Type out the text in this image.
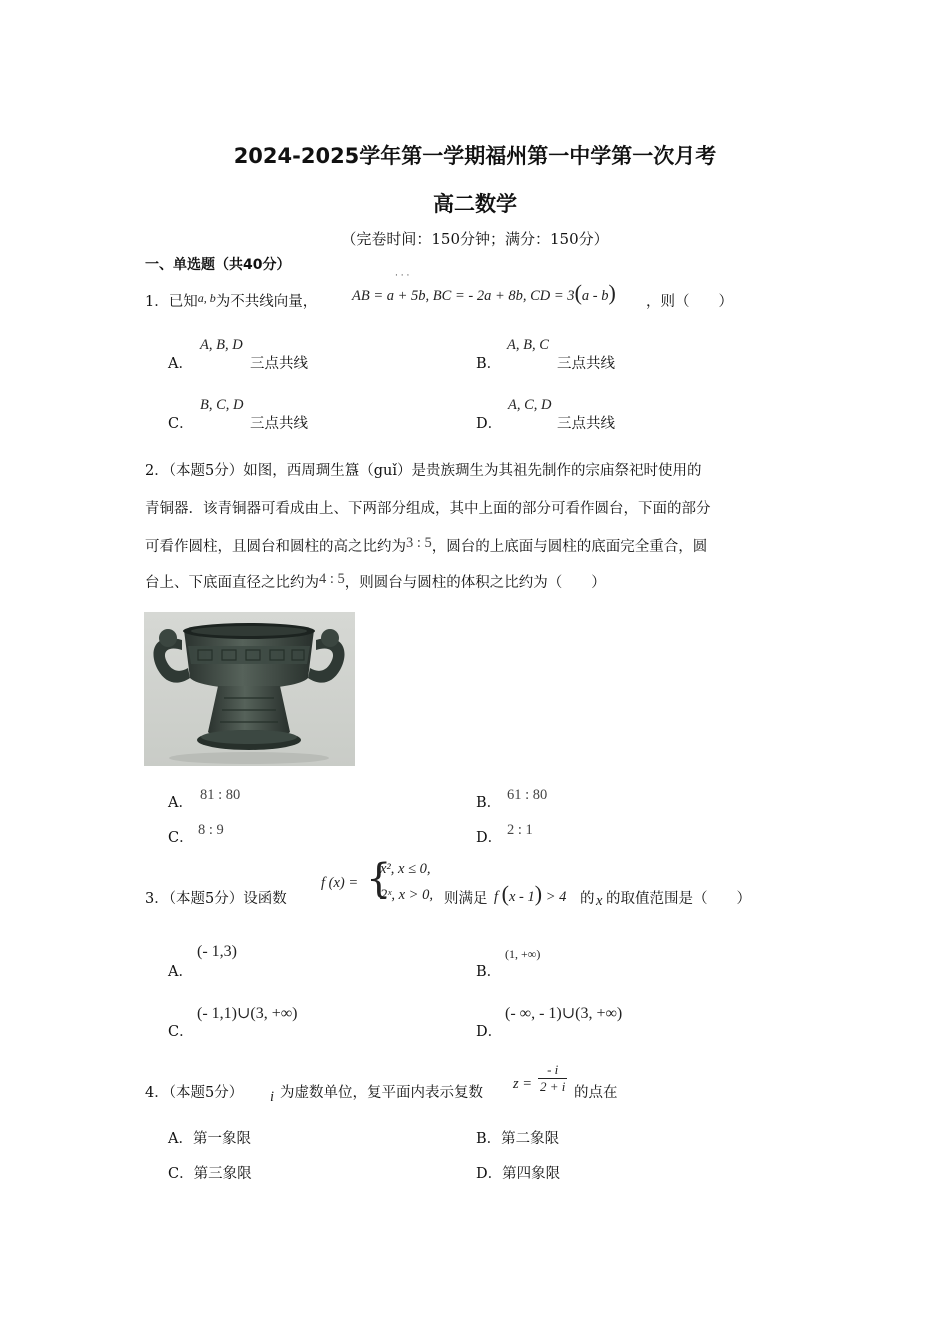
2024-2025学年第一学期福州第一中学第一次月考
高二数学
（完卷时间：150分钟；满分：150分）
一、单选题（共40分）
1．已知$^{a, b}$为不共线向量，
· · ·
AB = a + 5b, BC = - 2a + 8b, CD = 3(a - b) ，则（　　）
A．
A, B, D
三点共线	B．
A, B, C
三点共线
C．
B, C, D
三点共线	D．
A, C, D
三点共线
2．（本题5分）如图，西周琱生簋（guǐ）是贵族琱生为其祖先制作的宗庙祭祀时使用的
青铜器．该青铜器可看成由上、下两部分组成，其中上面的部分可看作圆台，下面的部分
可看作圆柱，且圆台和圆柱的高之比约为3 : 5，圆台的上底面与圆柱的底面完全重合，圆
台上、下底面直径之比约为4 : 5，则圆台与圆柱的体积之比约为（　　）
A． 81 : 80	B． 61 : 80
C． 8 : 9	D． 2 : 1
3．（本题5分）设函数
f (x) = {
x², x ≤ 0,
2ˣ, x > 0, 则满足 f (x - 1) > 4 的 x 的取值范围是（　　）
A．
(- 1,3)
B．
(1, +∞)
C．
(- 1,1)∪(3, +∞)
D．
(- ∞, - 1)∪(3, +∞)
4．（本题5分） i 为虚数单位，复平面内表示复数
$z = \frac{- i}{2 + i}$ 的点在
A．第一象限	B．第二象限
C．第三象限	D．第四象限
